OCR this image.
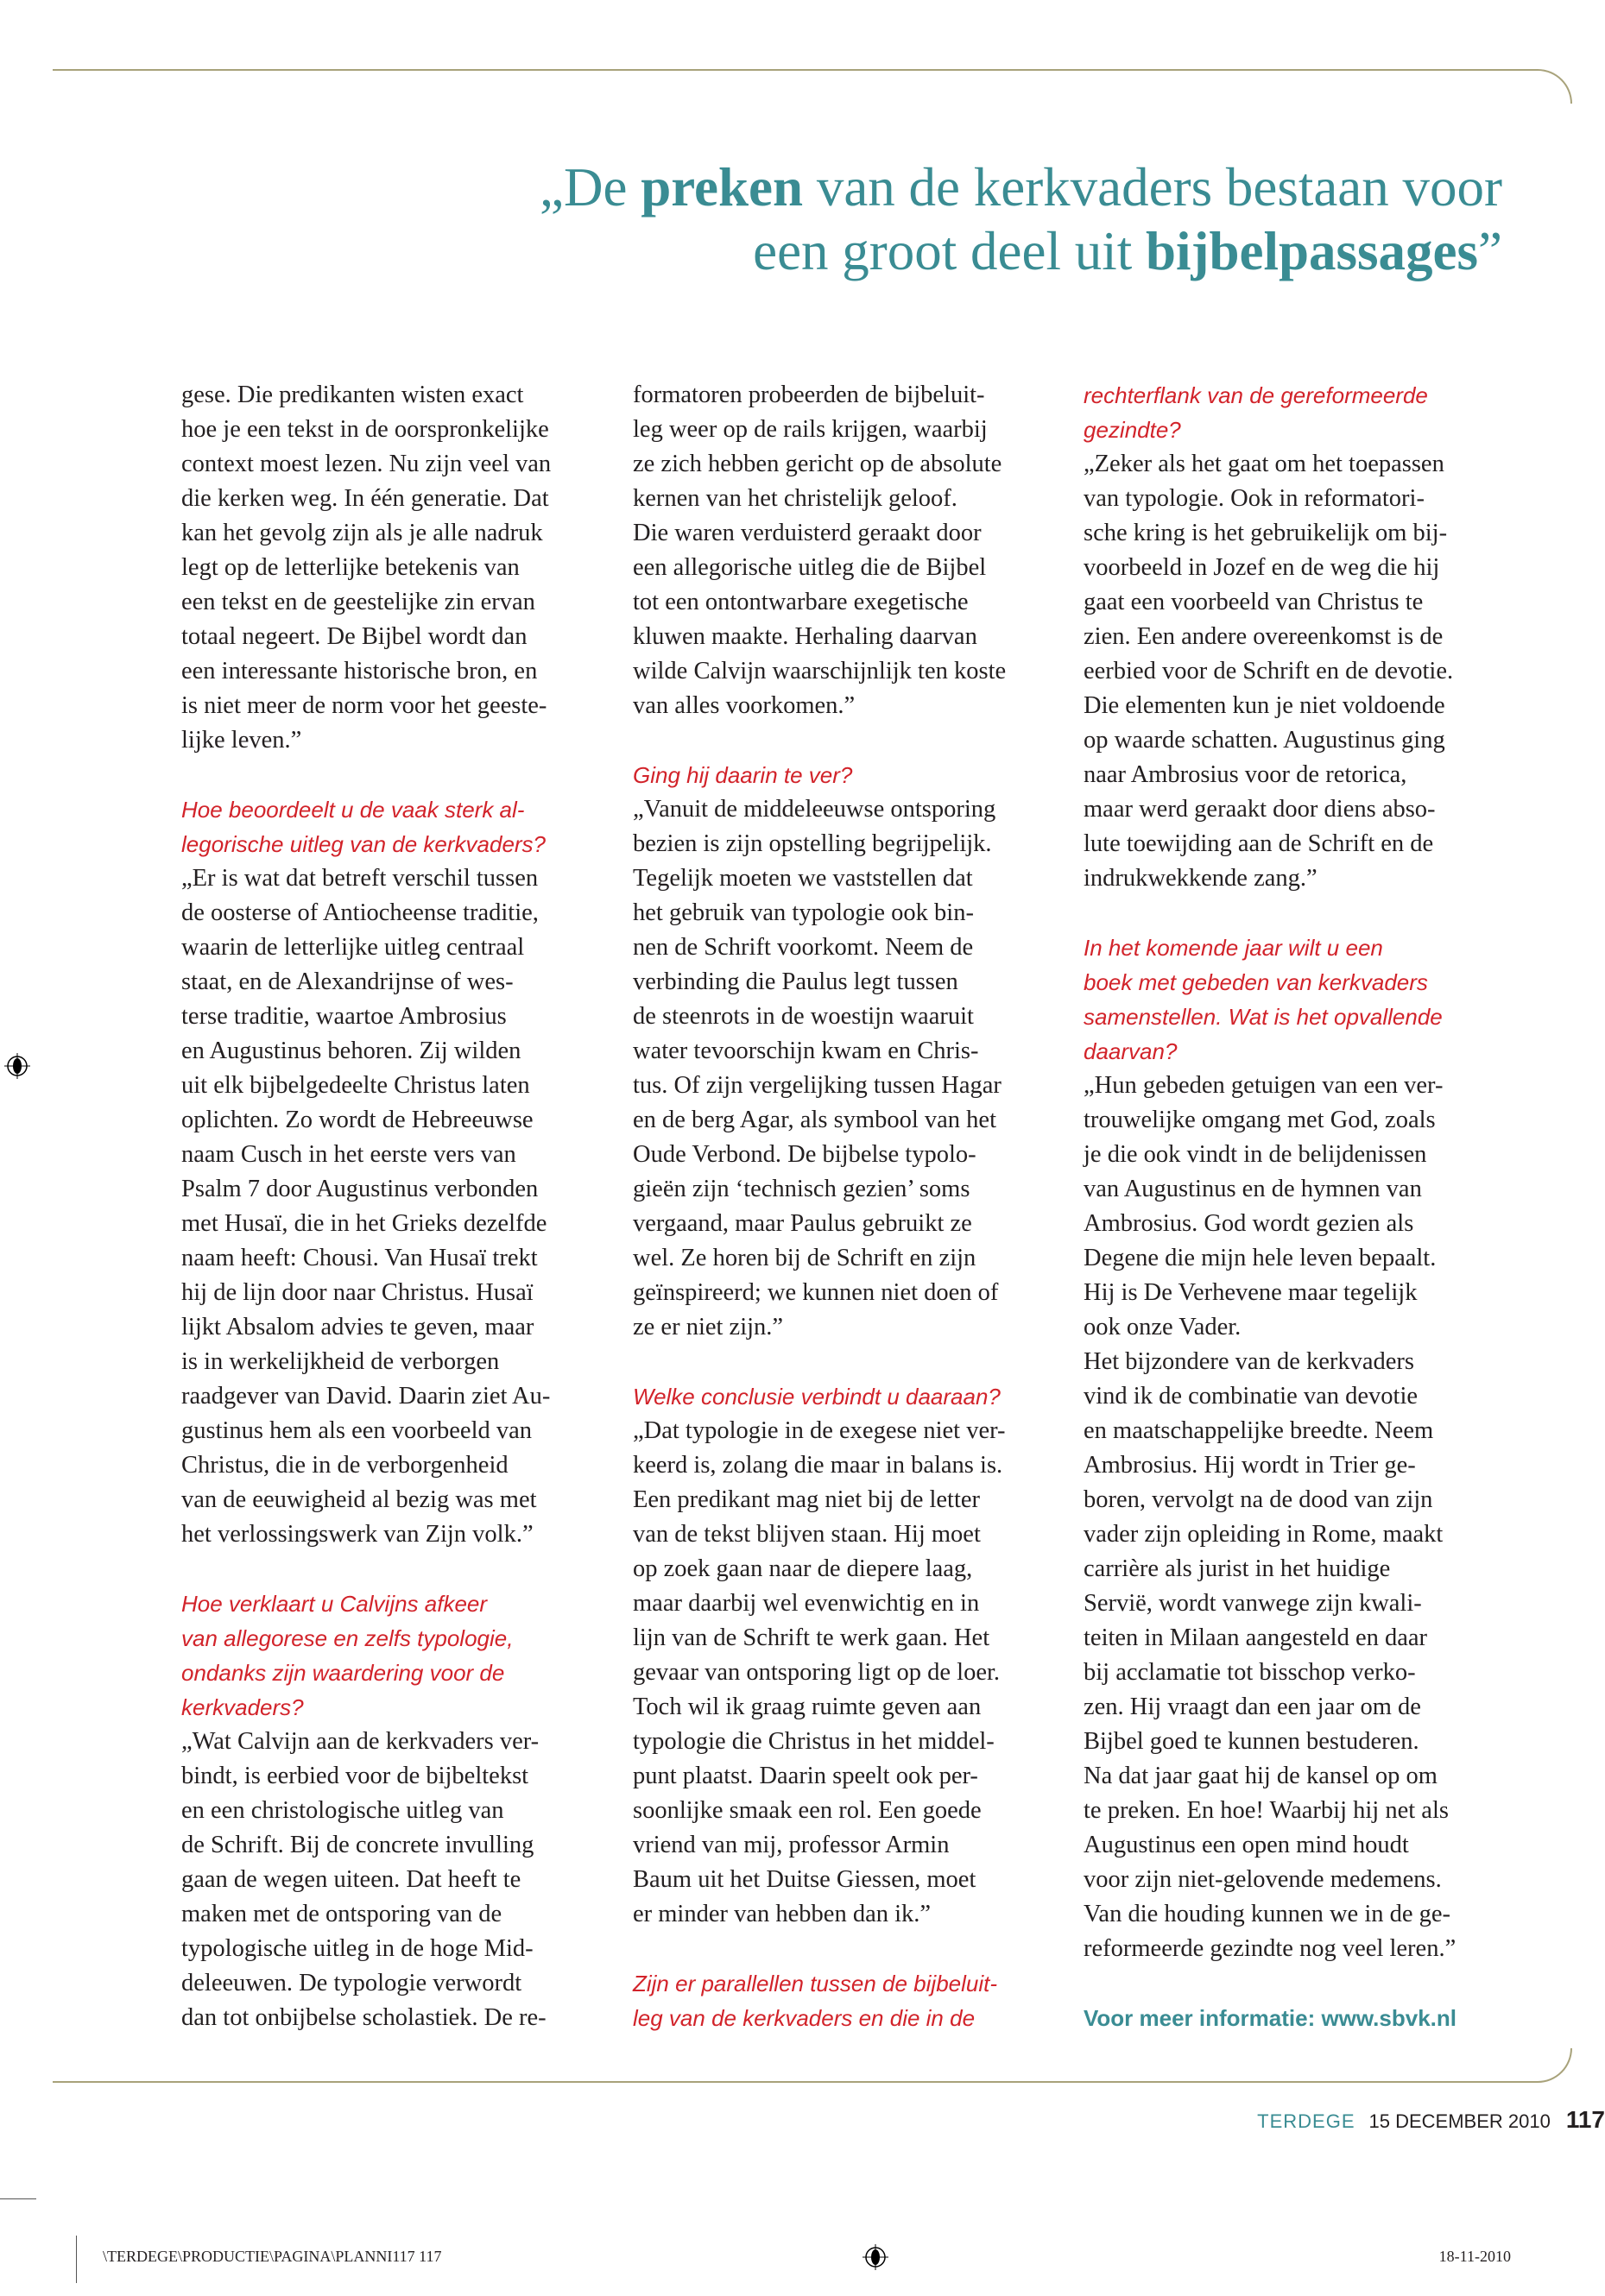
„De preken van de kerkvaders bestaan voor
een groot deel uit bijbelpassages”
gese. Die predikanten wisten exact
hoe je een tekst in de oorspronkelijke
context moest lezen. Nu zijn veel van
die kerken weg. In één generatie. Dat
kan het gevolg zijn als je alle nadruk
legt op de letterlijke betekenis van
een tekst en de geestelijke zin ervan
totaal negeert. De Bijbel wordt dan
een interessante historische bron, en
is niet meer de norm voor het geeste-
lijke leven.”
Hoe beoordeelt u de vaak sterk al-
legorische uitleg van de kerkvaders?
„Er is wat dat betreft verschil tussen
de oosterse of Antiocheense traditie,
waarin de letterlijke uitleg centraal
staat, en de Alexandrijnse of wes-
terse traditie, waartoe Ambrosius
en Augustinus behoren. Zij wilden
uit elk bijbelgedeelte Christus laten
oplichten. Zo wordt de Hebreeuwse
naam Cusch in het eerste vers van
Psalm 7 door Augustinus verbonden
met Husaï, die in het Grieks dezelfde
naam heeft: Chousi. Van Husaï trekt
hij de lijn door naar Christus. Husaï
lijkt Absalom advies te geven, maar
is in werkelijkheid de verborgen
raadgever van David. Daarin ziet Au-
gustinus hem als een voorbeeld van
Christus, die in de verborgenheid
van de eeuwigheid al bezig was met
het verlossingswerk van Zijn volk.”
Hoe verklaart u Calvijns afkeer
van allegorese en zelfs typologie,
ondanks zijn waardering voor de
kerkvaders?
„Wat Calvijn aan de kerkvaders ver-
bindt, is eerbied voor de bijbeltekst
en een christologische uitleg van
de Schrift. Bij de concrete invulling
gaan de wegen uiteen. Dat heeft te
maken met de ontsporing van de
typologische uitleg in de hoge Mid-
deleeuwen. De typologie verwordt
dan tot onbijbelse scholastiek. De re-
formatoren probeerden de bijbeluit-
leg weer op de rails krijgen, waarbij
ze zich hebben gericht op de absolute
kernen van het christelijk geloof.
Die waren verduisterd geraakt door
een allegorische uitleg die de Bijbel
tot een ontontwarbare exegetische
kluwen maakte. Herhaling daarvan
wilde Calvijn waarschijnlijk ten koste
van alles voorkomen.”
Ging hij daarin te ver?
„Vanuit de middeleeuwse ontsporing
bezien is zijn opstelling begrijpelijk.
Tegelijk moeten we vaststellen dat
het gebruik van typologie ook bin-
nen de Schrift voorkomt. Neem de
verbinding die Paulus legt tussen
de steenrots in de woestijn waaruit
water tevoorschijn kwam en Chris-
tus. Of zijn vergelijking tussen Hagar
en de berg Agar, als symbool van het
Oude Verbond. De bijbelse typolo-
gieën zijn ‘technisch gezien’ soms
vergaand, maar Paulus gebruikt ze
wel. Ze horen bij de Schrift en zijn
geïnspireerd; we kunnen niet doen of
ze er niet zijn.”
Welke conclusie verbindt u daaraan?
„Dat typologie in de exegese niet ver-
keerd is, zolang die maar in balans is.
Een predikant mag niet bij de letter
van de tekst blijven staan. Hij moet
op zoek gaan naar de diepere laag,
maar daarbij wel evenwichtig en in
lijn van de Schrift te werk gaan. Het
gevaar van ontsporing ligt op de loer.
Toch wil ik graag ruimte geven aan
typologie die Christus in het middel-
punt plaatst. Daarin speelt ook per-
soonlijke smaak een rol. Een goede
vriend van mij, professor Armin
Baum uit het Duitse Giessen, moet
er minder van hebben dan ik.”
Zijn er parallellen tussen de bijbeluit-
leg van de kerkvaders en die in de
rechterflank van de gereformeerde
gezindte?
„Zeker als het gaat om het toepassen
van typologie. Ook in reformatori-
sche kring is het gebruikelijk om bij-
voorbeeld in Jozef en de weg die hij
gaat een voorbeeld van Christus te
zien. Een andere overeenkomst is de
eerbied voor de Schrift en de devotie.
Die elementen kun je niet voldoende
op waarde schatten. Augustinus ging
naar Ambrosius voor de retorica,
maar werd geraakt door diens abso-
lute toewijding aan de Schrift en de
indrukwekkende zang.”
In het komende jaar wilt u een
boek met gebeden van kerkvaders
samenstellen. Wat is het opvallende
daarvan?
„Hun gebeden getuigen van een ver-
trouwelijke omgang met God, zoals
je die ook vindt in de belijdenissen
van Augustinus en de hymnen van
Ambrosius. God wordt gezien als
Degene die mijn hele leven bepaalt.
Hij is De Verhevene maar tegelijk
ook onze Vader.
Het bijzondere van de kerkvaders
vind ik de combinatie van devotie
en maatschappelijke breedte. Neem
Ambrosius. Hij wordt in Trier ge-
boren, vervolgt na de dood van zijn
vader zijn opleiding in Rome, maakt
carrière als jurist in het huidige
Servië, wordt vanwege zijn kwali-
teiten in Milaan aangesteld en daar
bij acclamatie tot bisschop verko-
zen. Hij vraagt dan een jaar om de
Bijbel goed te kunnen bestuderen.
Na dat jaar gaat hij de kansel op om
te preken. En hoe! Waarbij hij net als
Augustinus een open mind houdt
voor zijn niet-gelovende medemens.
Van die houding kunnen we in de ge-
reformeerde gezindte nog veel leren.”
Voor meer informatie: www.sbvk.nl
TERDEGE 15 DECEMBER 2010 117
\TERDEGE\PRODUCTIE\PAGINA\PLANNI117 117	18-11-2010
